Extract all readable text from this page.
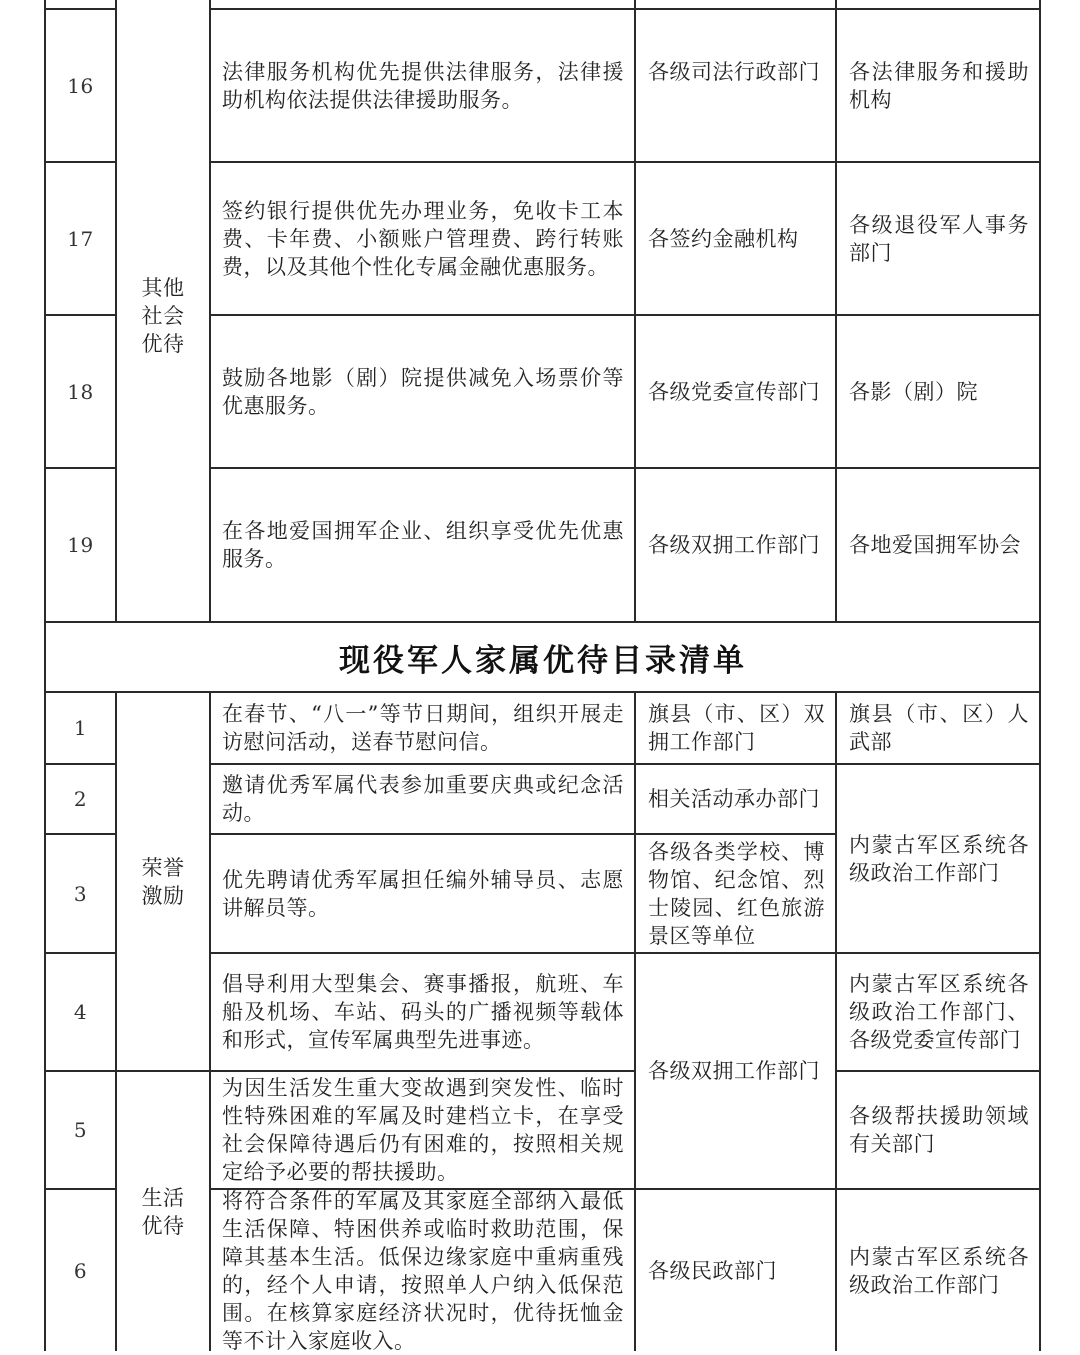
16
法律服务机构优先提供法律服务，法律援助机构依法提供法律援助服务。
各级司法行政部门 各法律服务和援助机构
17
签约银行提供优先办理业务，免收卡工本费、卡年费、小额账户管理费、跨行转账费，以及其他个性化专属金融优惠服务。
各签约金融机构
各级退役军人事务部门
18
鼓励各地影（剧）院提供减免入场票价等优惠服务。
各级党委宣传部门 各影（剧）院
19
在各地爱国拥军企业、组织享受优先优惠服务。
各级双拥工作部门 各地爱国拥军协会
其他社会优待
现役军人家属优待目录清单
1
在春节、“八一”等节日期间，组织开展走访慰问活动，送春节慰问信。
旗县（市、区）双拥工作部门
旗县（市、区）人武部
2
邀请优秀军属代表参加重要庆典或纪念活动。
相关活动承办部门
3
优先聘请优秀军属担任编外辅导员、志愿讲解员等。
各级各类学校、博物馆、纪念馆、烈士陵园、红色旅游景区等单位
内蒙古军区系统各级政治工作部门
4
倡导利用大型集会、赛事播报，航班、车船及机场、车站、码头的广播视频等载体和形式，宣传军属典型先进事迹。
内蒙古军区系统各级政治工作部门、各级党委宣传部门
5
为因生活发生重大变故遇到突发性、临时性特殊困难的军属及时建档立卡，在享受社会保障待遇后仍有困难的，按照相关规定给予必要的帮扶援助。
各级帮扶援助领域有关部门
各级双拥工作部门
6
将符合条件的军属及其家庭全部纳入最低生活保障、特困供养或临时救助范围，保障其基本生活。低保边缘家庭中重病重残的，经个人申请，按照单人户纳入低保范围。在核算家庭经济状况时，优待抚恤金等不计入家庭收入。
各级民政部门
内蒙古军区系统各级政治工作部门
荣誉激励
生活优待
